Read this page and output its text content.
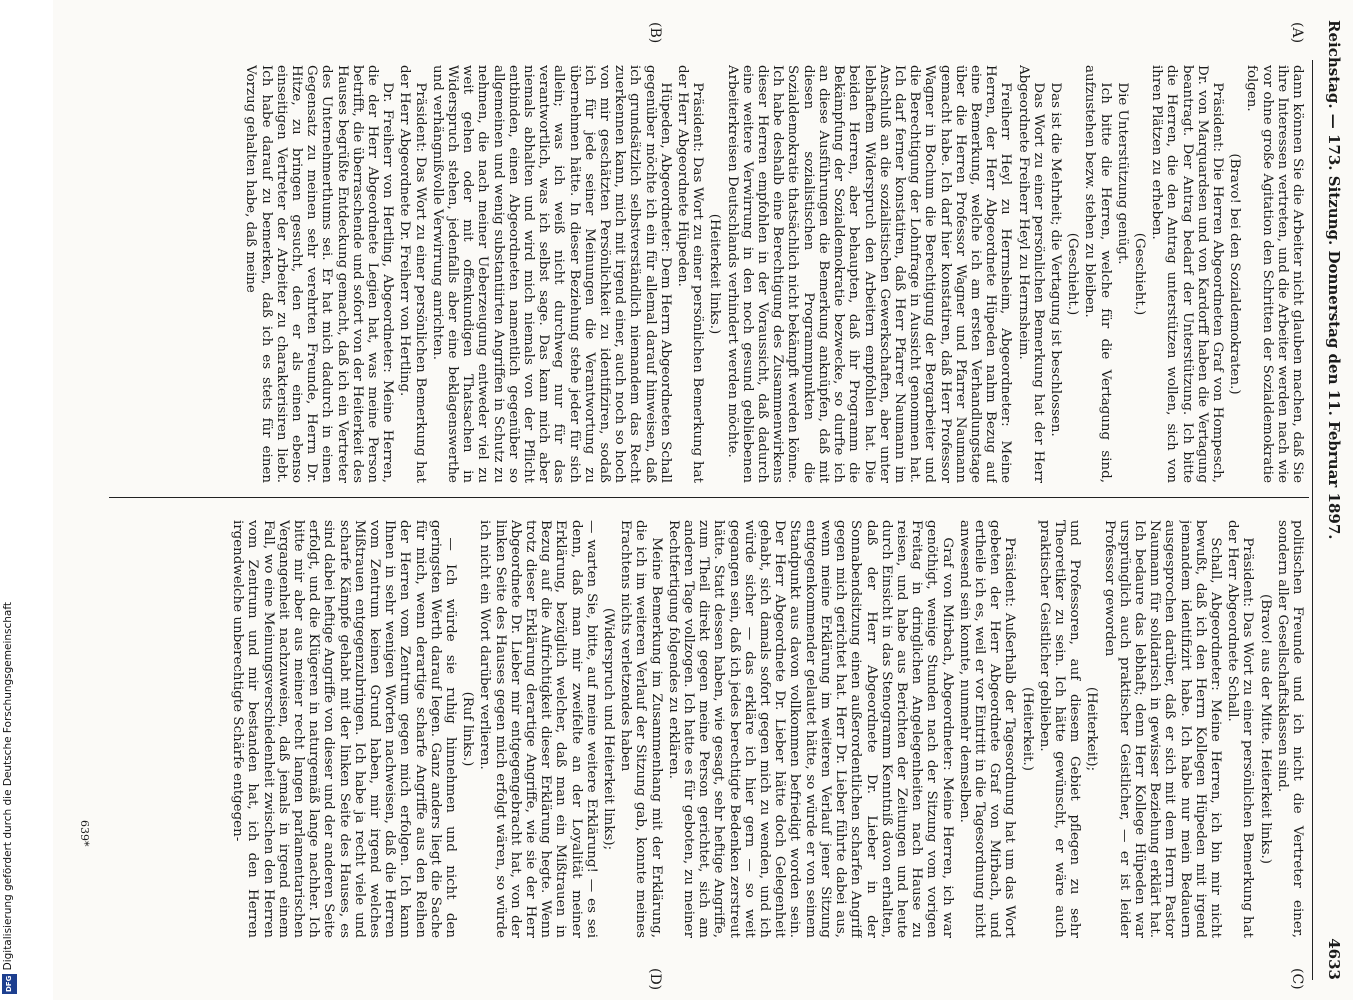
Digitalisierung gefördert durch die Deutsche Forschungsgemeinschaft
DFG
Reichstag. — 173. Sitzung. Donnerstag den 11. Februar 1897.
4633
(A)
(B)
(C)
(D)

dann können Sie die Arbeiter nicht glauben machen, daß Sie ihre Interessen vertreten, und die Arbeiter werden nach wie vor ohne große Agitation den Schritten der Sozialdemokratie folgen.

(Bravo! bei den Sozialdemokraten.)

Präsident: Die Herren Abgeordneten Graf von Hompesch, Dr. von Marquardsen und von Kardorff haben die Vertagung beantragt. Der Antrag bedarf der Unterstützung. Ich bitte die Herren, die den Antrag unterstützen wollen, sich von ihren Plätzen zu erheben.

(Geschieht.)

Die Unterstützung genügt.

Ich bitte die Herren, welche für die Vertagung sind, aufzustehen bezw. stehen zu bleiben.

(Geschieht.)

Das ist die Mehrheit; die Vertagung ist beschlossen.

Das Wort zu einer persönlichen Bemerkung hat der Herr Abgeordnete Freiherr Heyl zu Herrnsheim.

Freiherr Heyl zu Herrnsheim, Abgeordneter: Meine Herren, der Herr Abgeordnete Hüpeden nahm Bezug auf eine Bemerkung, welche ich am ersten Verhandlungstage über die Herren Professor Wagner und Pfarrer Naumann gemacht habe. Ich darf hier konstatiren, daß Herr Professor Wagner in Bochum die Berechtigung der Bergarbeiter und die Berechtigung der Lohnfrage in Aussicht genommen hat. Ich darf ferner konstatiren, daß Herr Pfarrer Naumann im Anschluß an die sozialistischen Gewerkschaften, aber unter lebhaftem Widerspruch den Arbeitern empfohlen hat. Die beiden Herren, aber behaupten, daß ihr Programm die Bekämpfung der Sozialdemokratie bezwecke, so durfte ich an diese Ausführungen die Bemerkung anknüpfen, daß mit diesen sozialistischen Programmpunkten die Sozialdemokratie thatsächlich nicht bekämpft werden könne. Ich habe deshalb eine Berechtigung des Zusammenwirkens dieser Herren empfohlen in der Voraussicht, daß dadurch eine weitere Verwirrung in den noch gesund gebliebenen Arbeiterkreisen Deutschlands verhindert werden möchte.

(Heiterkeit links.)

Präsident: Das Wort zu einer persönlichen Bemerkung hat der Herr Abgeordnete Hüpeden.

Hüpeden, Abgeordneter: Dem Herrn Abgeordneten Schall gegenüber möchte ich ein für allemal darauf hinweisen, daß ich grundsätzlich selbstverständlich niemandem das Recht zuerkennen kann, mich mit irgend einer, auch noch so hoch von mir geschätzten Persönlichkeit zu identifiziren, sodaß ich für jede seiner Meinungen die Verantwortung zu übernehmen hätte. In dieser Beziehung stehe jeder für sich allein; was ich weiß nicht durchweg nur für das verantwortlich, was ich selbst sage. Das kann mich aber niemals abhalten und wird mich niemals von der Pflicht entbinden, einen Abgeordneten namentlich gegenüber so allgemeinen und wenig substantiirten Angriffen in Schutz zu nehmen, die nach meiner Ueberzeugung entweder viel zu weit gehen oder mit offenkundigen Thatsachen in Widerspruch stehen, jedenfalls aber eine beklagenswerthe und verhängnißvolle Verwirrung anrichten.

Präsident: Das Wort zu einer persönlichen Bemerkung hat der Herr Abgeordnete Dr. Freiherr von Hertling.

Dr. Freiherr von Hertling, Abgeordneter: Meine Herren, die der Herr Abgeordnete Legien hat, was meine Person betrifft, die überraschende und sofort von der Heiterkeit des Hauses begrüßte Entdeckung gemacht, daß ich ein Vertreter des Unternehmerthums sei. Er hat mich dadurch in einen Gegensatz zu meinen sehr verehrten Freunde, Herrn Dr. Hitze, zu bringen gesucht, den er als einen ebenso einseitigen Vertreter der Arbeiter zu charakterisiren liebt. Ich habe darauf zu bemerken, daß ich es stets für einen Vorzug gehalten habe, daß meine

politischen Freunde und ich nicht die Vertreter einer, sondern aller Gesellschaftsklassen sind.

(Bravo! aus der Mitte. Heiterkeit links.)

Präsident: Das Wort zu einer persönlichen Bemerkung hat der Herr Abgeordnete Schall.

Schall, Abgeordneter: Meine Herren, ich bin mir nicht bewußt, daß ich den Herrn Kollegen Hüpeden mit irgend jemandem identifizirt habe. Ich habe nur mein Bedauern ausgesprochen darüber, daß er sich mit dem Herrn Pastor Naumann für solidarisch in gewisser Beziehung erklärt hat. Ich bedaure das lebhaft; denn Herr Kollege Hüpeden war ursprünglich auch praktischer Geistlicher, — er ist leider Professor geworden

(Heiterkeit);

und Professoren, auf diesem Gebiet pflegen zu sehr Theoretiker zu sein. Ich hätte gewünscht, er wäre auch praktischer Geistlicher geblieben.

(Heiterkeit.)

Präsident: Außerhalb der Tagesordnung hat um das Wort gebeten der Herr Abgeordnete Graf von Mirbach, und ertheile ich es, weil er vor Eintritt in die Tagesordnung nicht anwesend sein konnte, nunmehr demselben.

Graf von Mirbach, Abgeordneter: Meine Herren, ich war genöthigt, wenige Stunden nach der Sitzung vom vorigen Freitag in dringlichen Angelegenheiten nach Hause zu reisen, und habe aus Berichten der Zeitungen und heute durch Einsicht in das Stenogramm Kenntniß davon erhalten, daß der Herr Abgeordnete Dr. Lieber in der Sonnabendsitzung einen außerordentlichen scharfen Angriff gegen mich gerichtet hat. Herr Dr. Lieber führte dabei aus, wenn meine Erklärung im weiteren Verlauf jener Sitzung entgegenkommender gelautet hätte, so würde er von seinem Standpunkt aus davon vollkommen befriedigt worden sein. Der Herr Abgeordnete Dr. Lieber hätte doch Gelegenheit gehabt, sich damals sofort gegen mich zu wenden, und ich würde sicher — das erkläre ich hier gern — so weit gegangen sein, daß ich jedes berechtigte Bedenken zerstreut hätte. Statt dessen haben, wie gesagt, sehr heftige Angriffe, zum Theil direkt gegen meine Person gerichtet, sich am anderen Tage vollzogen. Ich hatte es für geboten, zu meiner Rechtfertigung folgendes zu erklären.

Meine Bemerkung im Zusammenhang mit der Erklärung, die ich im weiteren Verlauf der Sitzung gab, konnte meines Erachtens nichts verletzendes haben

(Widerspruch und Heiterkeit links);

— warten Sie, bitte, auf meine weitere Erklärung! — es sei denn, daß man mir zweifelte an der Loyalität meiner Erklärung, bezüglich welcher, daß man ein Mißtrauen in Bezug auf die Aufrichtigkeit dieser Erklärung hegte. Wenn trotz dieser Erklärung derartige Angriffe, wie sie der Herr Abgeordnete Dr. Lieber mir entgegengebracht hat, von der linken Seite des Hauses gegen mich erfolgt wären, so würde ich nicht ein Wort darüber verlieren.

(Ruf links.)

— Ich würde sie ruhig hinnehmen und nicht den geringsten Werth darauf legen. Ganz anders liegt die Sache für mich, wenn derartige scharfe Angriffe aus den Reihen der Herren vom Zentrum gegen mich erfolgen. Ich kann Ihnen in sehr wenigen Worten nachweisen, daß die Herren vom Zentrum keinen Grund haben, mir irgend welches Mißtrauen entgegenzubringen. Ich habe ja recht viele und scharfe Kämpfe gehabt mit der linken Seite des Hauses, es sind dabei heftige Angriffe von dieser und der anderen Seite erfolgt, und die Klügeren in naturgemäß lange nachher. Ich bitte mir aber aus meiner recht langen parlamentarischen Vergangenheit nachzuweisen, daß jemals in irgend einem Fall, wo eine Meinungsverschiedenheit zwischen den Herren vom Zentrum und mir bestanden hat, ich den Herren irgendwelche unberechtigte Schärfe entgegen-

639*
